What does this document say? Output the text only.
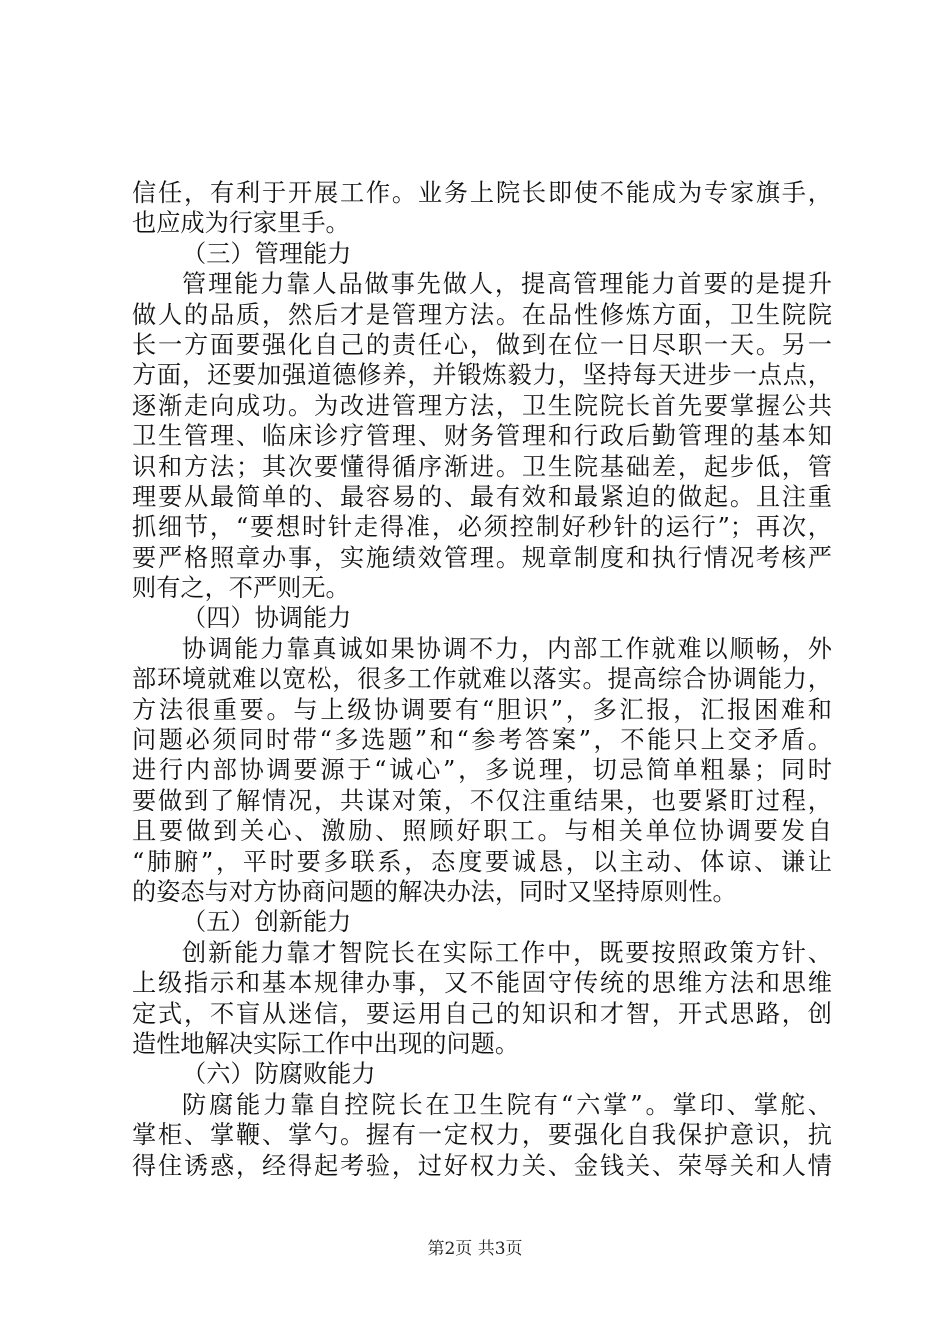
信任，有利于开展工作。业务上院长即使不能成为专家旗手，
也应成为行家里手。
（三）管理能力
管理能力靠人品做事先做人，提高管理能力首要的是提升
做人的品质，然后才是管理方法。在品性修炼方面，卫生院院
长一方面要强化自己的责任心，做到在位一日尽职一天。另一
方面，还要加强道德修养，并锻炼毅力，坚持每天进步一点点，
逐渐走向成功。为改进管理方法，卫生院院长首先要掌握公共
卫生管理、临床诊疗管理、财务管理和行政后勤管理的基本知
识和方法；其次要懂得循序渐进。卫生院基础差，起步低，管
理要从最简单的、最容易的、最有效和最紧迫的做起。且注重
抓细节，“要想时针走得准，必须控制好秒针的运行”；再次，
要严格照章办事，实施绩效管理。规章制度和执行情况考核严
则有之，不严则无。
（四）协调能力
协调能力靠真诚如果协调不力，内部工作就难以顺畅，外
部环境就难以宽松，很多工作就难以落实。提高综合协调能力，
方法很重要。与上级协调要有“胆识”，多汇报，汇报困难和
问题必须同时带“多选题”和“参考答案”，不能只上交矛盾。
进行内部协调要源于“诚心”，多说理，切忌简单粗暴；同时
要做到了解情况，共谋对策，不仅注重结果，也要紧盯过程，
且要做到关心、激励、照顾好职工。与相关单位协调要发自
“肺腑”，平时要多联系，态度要诚恳，以主动、体谅、谦让
的姿态与对方协商问题的解决办法，同时又坚持原则性。
（五）创新能力
创新能力靠才智院长在实际工作中，既要按照政策方针、
上级指示和基本规律办事，又不能固守传统的思维方法和思维
定式，不盲从迷信，要运用自己的知识和才智，开式思路，创
造性地解决实际工作中出现的问题。
（六）防腐败能力
防腐能力靠自控院长在卫生院有“六掌”。掌印、掌舵、
掌柜、掌鞭、掌勺。握有一定权力，要强化自我保护意识，抗
得住诱惑，经得起考验，过好权力关、金钱关、荣辱关和人情
第2页 共3页
